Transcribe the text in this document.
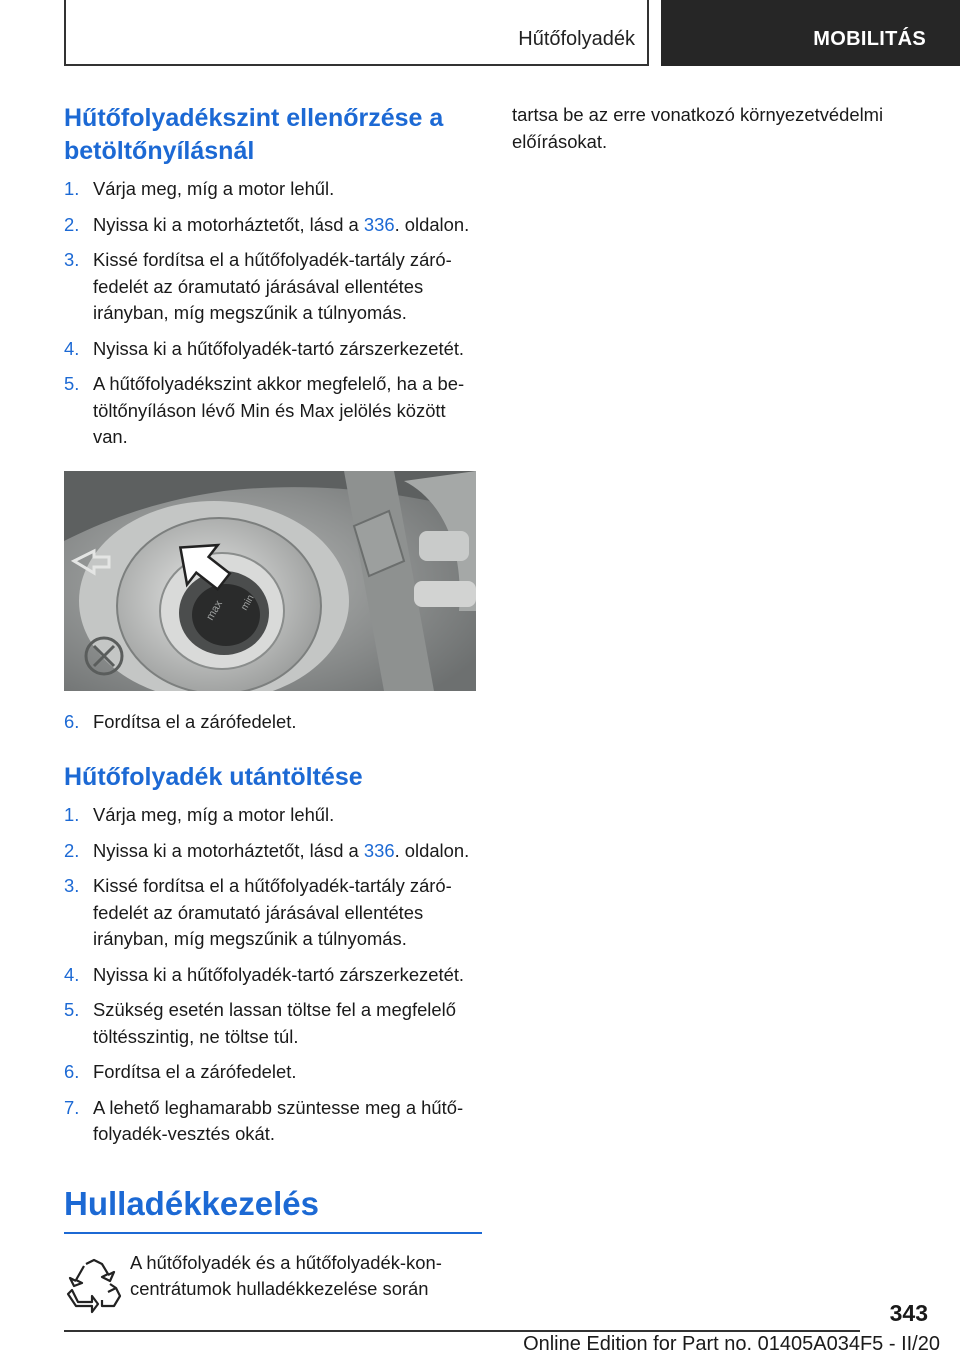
Hűtőfolyadék	MOBILITÁS
Hűtőfolyadékszint ellenőrzése a betöltőnyílásnál
1. Várja meg, míg a motor lehűl.
2. Nyissa ki a motorháztetőt, lásd a 336. oldalon.
3. Kissé fordítsa el a hűtőfolyadék-tartály záró-fedelét az óramutató járásával ellentétes irányban, míg megszűnik a túlnyomás.
4. Nyissa ki a hűtőfolyadék-tartó zárszerkezetét.
5. A hűtőfolyadékszint akkor megfelelő, ha a be-töltőnyíláson lévő Min és Max jelölés között van.
max min
6. Fordítsa el a zárófedelet.
Hűtőfolyadék utántöltése
1. Várja meg, míg a motor lehűl.
2. Nyissa ki a motorháztetőt, lásd a 336. oldalon.
3. Kissé fordítsa el a hűtőfolyadék-tartály záró-fedelét az óramutató járásával ellentétes irányban, míg megszűnik a túlnyomás.
4. Nyissa ki a hűtőfolyadék-tartó zárszerkezetét.
5. Szükség esetén lassan töltse fel a megfelelő töltésszintig, ne töltse túl.
6. Fordítsa el a zárófedelet.
7. A lehető leghamarabb szüntesse meg a hűtő-folyadék-vesztés okát.
Hulladékkezelés

A hűtőfolyadék és a hűtőfolyadék-kon-centrátumok hulladékkezelése során

tartsa be az erre vonatkozó környezetvédelmi előírásokat.

343
Online Edition for Part no. 01405A034F5 - II/20
